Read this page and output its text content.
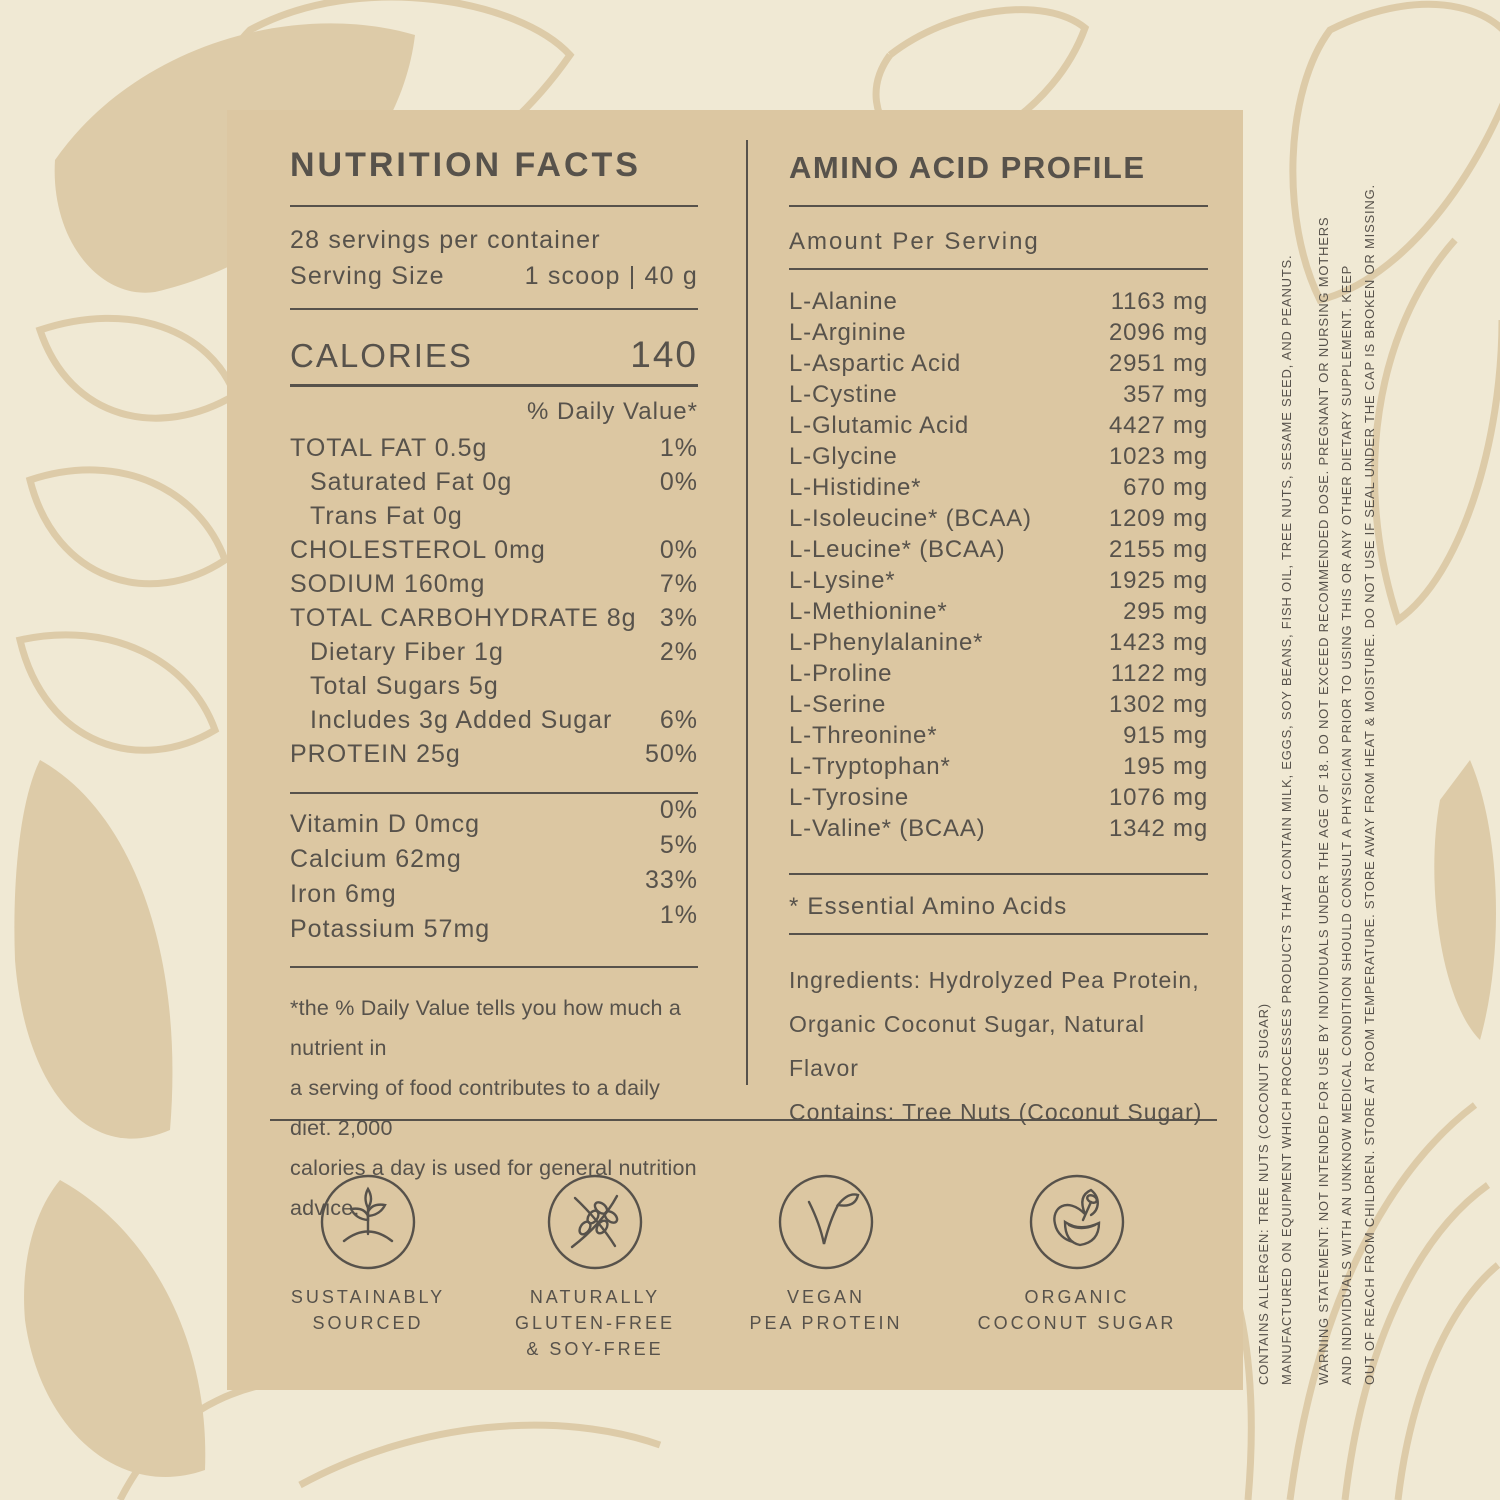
NUTRITION FACTS
28 servings per container
Serving Size	1 scoop | 40 g
CALORIES	140
% Daily Value*
TOTAL FAT 0.5g	1%
Saturated Fat 0g	0%
Trans Fat 0g
CHOLESTEROL 0mg	0%
SODIUM 160mg	7%
TOTAL CARBOHYDRATE 8g 3%
Dietary Fiber 1g	2%
Total Sugars 5g
Includes 3g Added Sugar 6%
PROTEIN 25g	50%
Vitamin D 0mcg	0%
Calcium 62mg	5%
Iron 6mg	33%
Potassium 57mg	1%
*the % Daily Value tells you how much a nutrient in
a serving of food contributes to a daily diet. 2,000
calories a day is used for general nutrition advice.
AMINO ACID PROFILE
Amount Per Serving
L-Alanine	1163 mg
L-Arginine	2096 mg
L-Aspartic Acid	2951 mg
L-Cystine	357 mg
L-Glutamic Acid	4427 mg
L-Glycine	1023 mg
L-Histidine*	670 mg
L-Isoleucine* (BCAA)	1209 mg
L-Leucine* (BCAA)	2155 mg
L-Lysine*	1925 mg
L-Methionine*	295 mg
L-Phenylalanine*	1423 mg
L-Proline	1122 mg
L-Serine	1302 mg
L-Threonine*	915 mg
L-Tryptophan*	195 mg
L-Tyrosine	1076 mg
L-Valine* (BCAA)	1342 mg
* Essential Amino Acids
Ingredients: Hydrolyzed Pea Protein,
Organic Coconut Sugar, Natural Flavor
Contains: Tree Nuts (Coconut Sugar)
SUSTAINABLY
SOURCED
NATURALLY
GLUTEN-FREE
& SOY-FREE
VEGAN
PEA PROTEIN
ORGANIC
COCONUT SUGAR	CONTAINS ALLERGEN: TREE NUTS (COCONUT SUGAR) MANUFACTURED ON EQUIPMENT WHICH PROCESSES PRODUCTS THAT CONTAIN MILK, EGGS, SOY BEANS, FISH OIL, TREE NUTS, SESAME SEED, AND PEANUTS.	WARNING STATEMENT: NOT INTENDED FOR USE BY INDIVIDUALS UNDER THE AGE OF 18. DO NOT EXCEED RECOMMENDED DOSE. PREGNANT OR NURSING MOTHERS AND INDIVIDUALS WITH AN UNKNOW MEDICAL CONDITION SHOULD CONSULT A PHYSICIAN PRIOR TO USING THIS OR ANY OTHER DIETARY SUPPLEMENT. KEEP OUT OF REACH FROM CHILDREN. STORE AT ROOM TEMPERATURE. STORE AWAY FROM HEAT & MOISTURE. DO NOT USE IF SEAL UNDER THE CAP IS BROKEN OR MISSING.
